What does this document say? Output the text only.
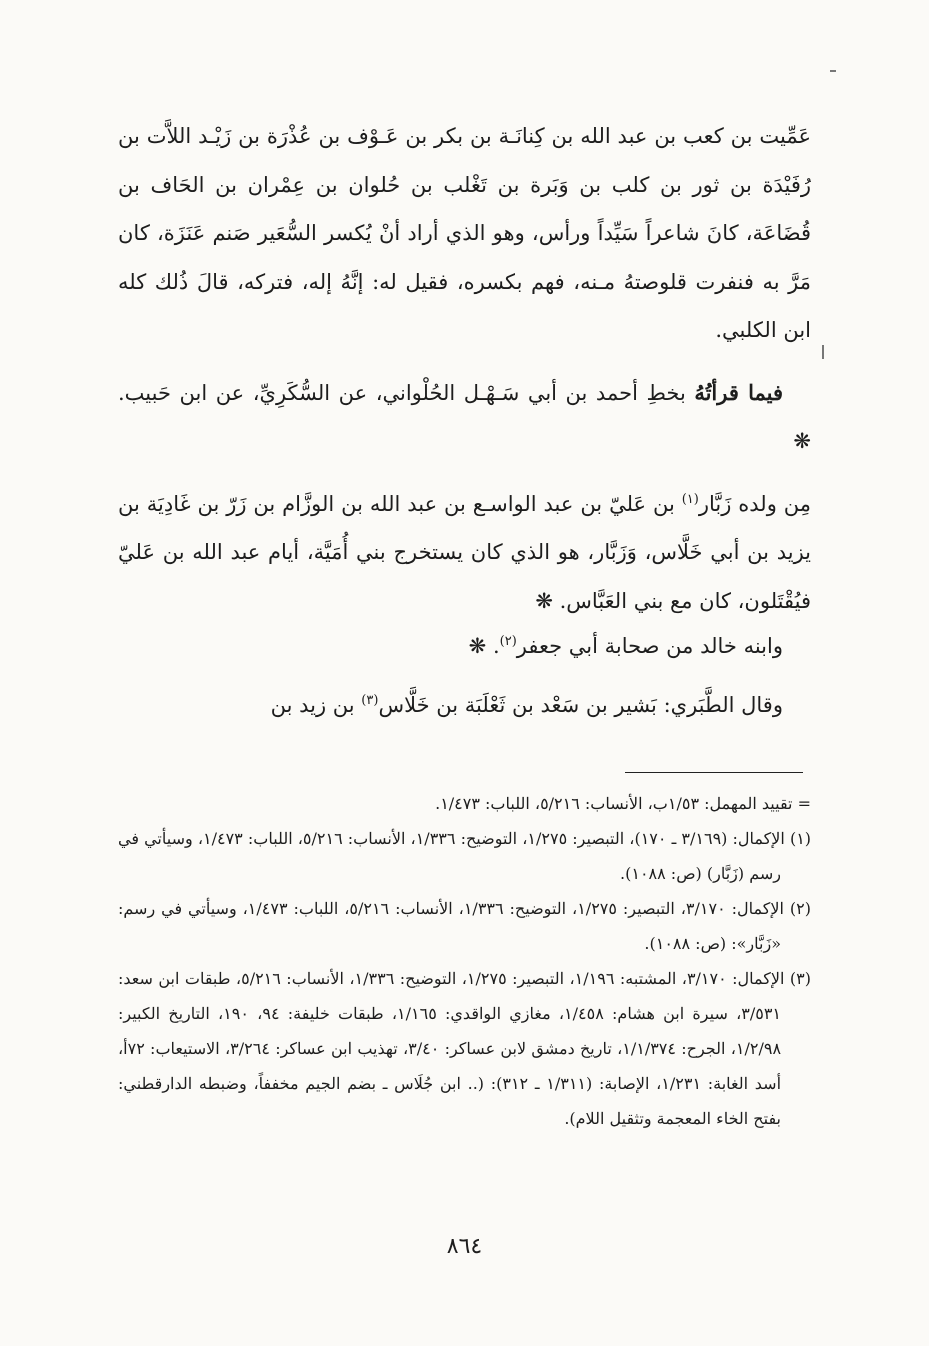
عَمِّيت بن كعب بن عبد الله بن كِنانَـة بن بكر بن عَـوْف بن عُذْرَة بن زَيْـد اللاَّت بن رُفَيْدَة بن ثور بن كلب بن وَبَرة بن تَغْلب بن حُلوان بن عِمْران بن الحَاف بن قُضَاعَة، كانَ شاعراً سَيِّداً ورأس، وهو الذي أراد أنْ يُكسر السُّعَير صَنم عَنَزَة، كان مَرَّ به فنفرت قلوصتهُ مـنه، فهم بكسره، فقيل له: إنَّهُ إله، فتركه، قالَ ذُلك كله ابن الكلبي.

فيما قرأتُهُ بخطِ أحمد بن أبي سَـهْـل الحُلْواني، عن السُّكَرِيِّ، عن ابن حَبيب. ❋

مِن ولده زَبَّار$^{(١)}$ بن عَليّ بن عبد الواسـع بن عبد الله بن الوزَّام بن زَرّ بن غَادِيَة بن يزيد بن أبي خَلَّاس، وَزَبَّار، هو الذي كان يستخرج بني أُمَيَّة، أيام عبد الله بن عَليّ فيُقْتَلون، كان مع بني العَبَّاس. ❋

وابنه خالد من صحابة أبي جعفر$^{(٢)}$. ❋

وقال الطَّبَري: بَشير بن سَعْد بن ثَعْلَبَة بن خَلَّاس$^{(٣)}$ بن زيد بن

= تقييد المهمل: ١/٥٣ب، الأنساب: ٥/٢١٦، اللباب: ١/٤٧٣.

(١) الإكمال: (٣/١٦٩ ـ ١٧٠)، التبصير: ١/٢٧٥، التوضيح: ١/٣٣٦، الأنساب: ٥/٢١٦، اللباب: ١/٤٧٣، وسيأتي في رسم (زَبَّار) (ص: ١٠٨٨).

(٢) الإكمال: ٣/١٧٠، التبصير: ١/٢٧٥، التوضيح: ١/٣٣٦، الأنساب: ٥/٢١٦، اللباب: ١/٤٧٣، وسيأتي في رسم: «زَبَّار»: (ص: ١٠٨٨).

(٣) الإكمال: ٣/١٧٠، المشتبه: ١/١٩٦، التبصير: ١/٢٧٥، التوضيح: ١/٣٣٦، الأنساب: ٥/٢١٦، طبقات ابن سعد: ٣/٥٣١، سيرة ابن هشام: ١/٤٥٨، مغازي الواقدي: ١/١٦٥، طبقات خليفة: ٩٤، ١٩٠، التاريخ الكبير: ١/٢/٩٨، الجرح: ١/١/٣٧٤، تاريخ دمشق لابن عساكر: ٣/٤٠، تهذيب ابن عساكر: ٣/٢٦٤، الاستيعاب: ٧٢أ، أسد الغابة: ١/٢٣١، الإصابة: (١/٣١١ ـ ٣١٢): (.. ابن جُلَاس ـ بضم الجيم مخففاً، وضبطه الدارقطني: بفتح الخاء المعجمة وتثقيل اللام).

٨٦٤
